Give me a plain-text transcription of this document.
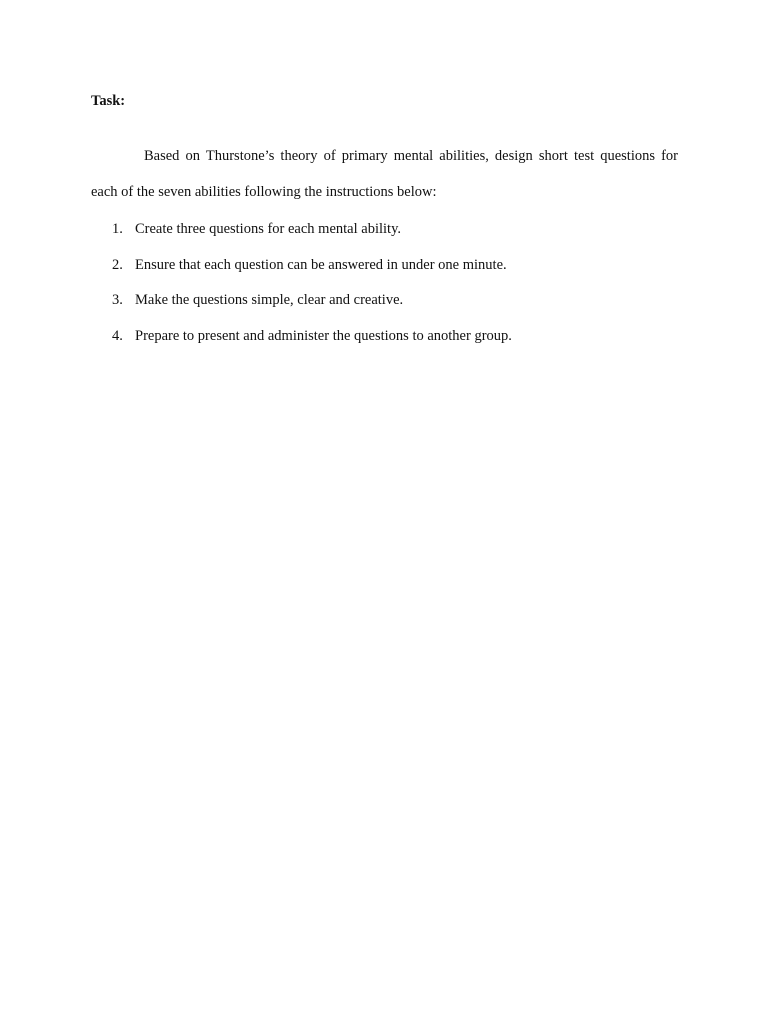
Task:

Based on Thurstone’s theory of primary mental abilities, design short test questions for each of the seven abilities following the instructions below:

1. Create three questions for each mental ability.
2. Ensure that each question can be answered in under one minute.
3. Make the questions simple, clear and creative.
4. Prepare to present and administer the questions to another group.
